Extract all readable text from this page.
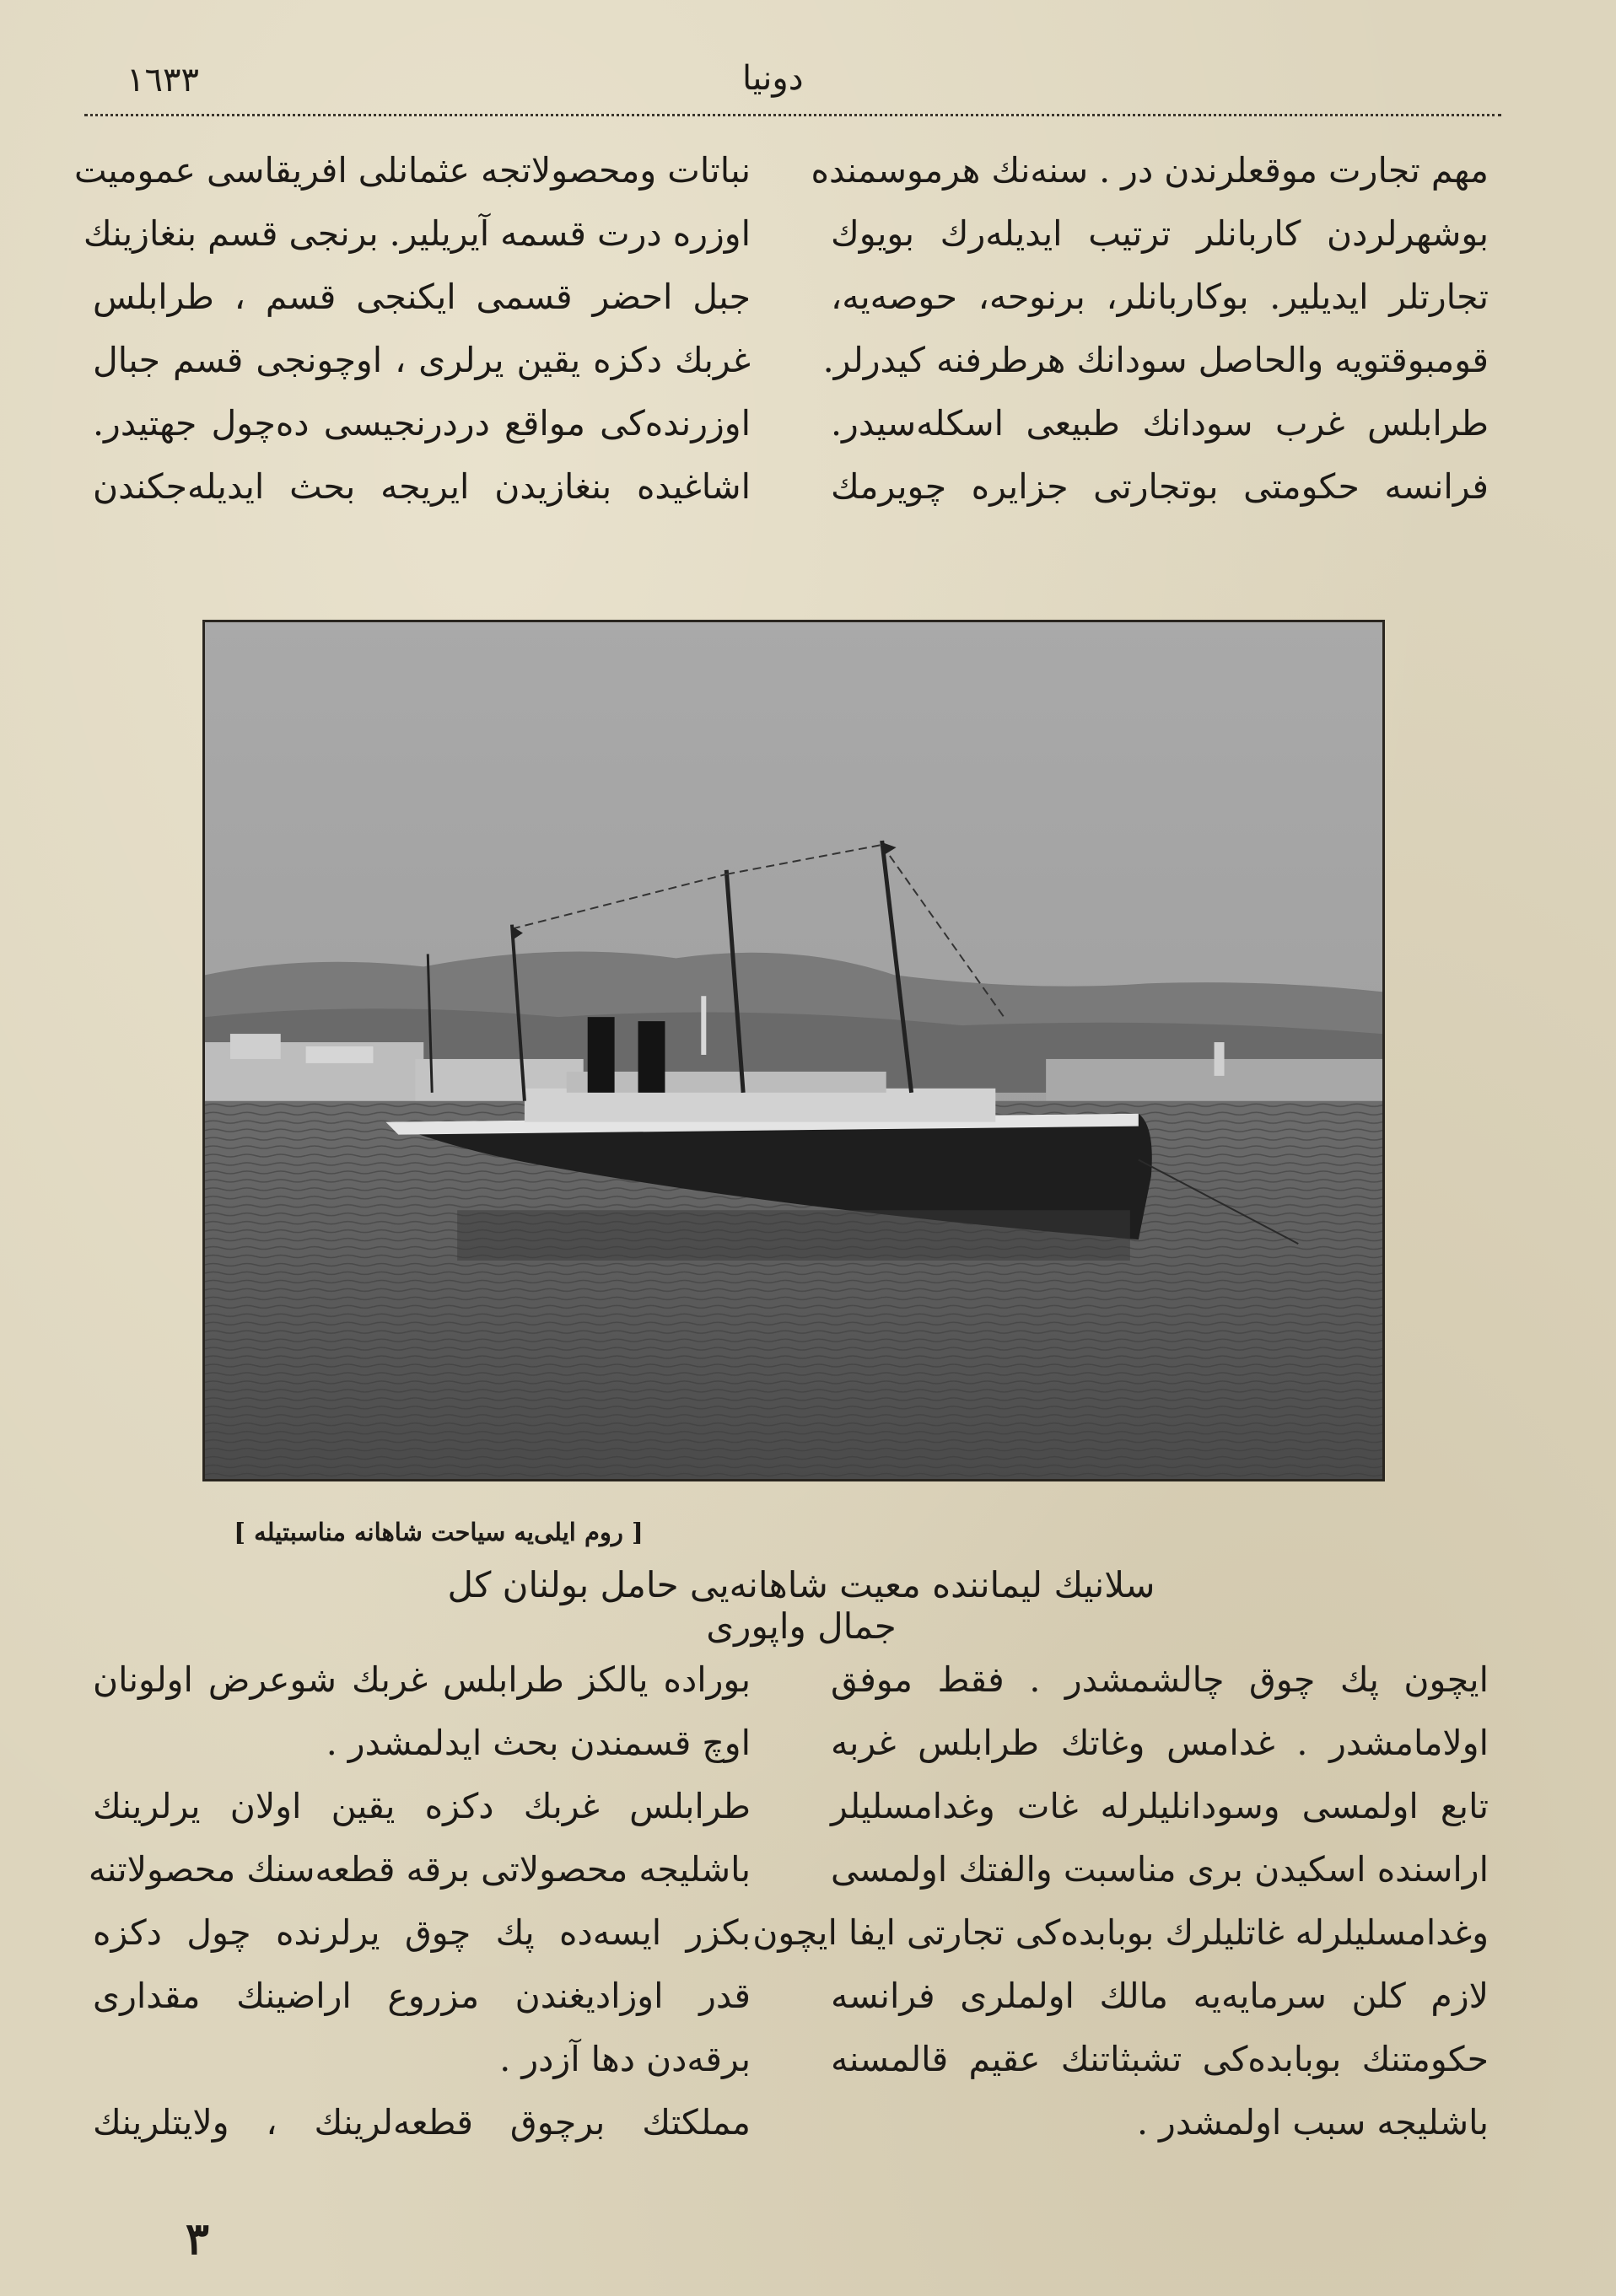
١٦٣٣	دونیا
مهم تجارت موقعلرندن در . سنه‌نك هرموسمنده
بوشهرلردن کاربانلر ترتیب ایدیله‌رك بویوك
تجارتلر ایدیلیر. بوکاربانلر، برنوحه، حوصه‌یه،
قومبوقتویه والحاصل سودانك هرطرفنه کیدرلر.
طرابلس غرب سودانك طبیعی اسکله‌سیدر.
فرانسه حکومتی بوتجارتی جزایره چویرمك
نباتات ومحصولاتجه عثمانلی افریقاسی عمومیت
اوزره درت قسمه آیریلیر. برنجی قسم بنغازینك
جبل احضر قسمی ایکنجی قسم ، طرابلس
غربك دکزه یقین یرلری ، اوچونجی قسم جبال
اوزرنده‌کی مواقع دردرنجیسی ده‌چول جهتیدر.
اشاغیده بنغازیدن ایریجه بحث ایدیله‌جکندن
[ روم ایلی‌یه سیاحت شاهانه مناسبتیله ]
سلانیك لیماننده معیت شاهانه‌یی حامل بولنان کل جمال واپوری
ایچون پك چوق چالشمشدر . فقط موفق
اولامامشدر . غدامس وغاتك طرابلس غربه
تابع اولمسی وسودانلیلرله غات وغدامسلیلر
اراسنده اسکیدن بری مناسبت والفتك اولمسی
وغدامسلیلرله غاتلیلرك بوبابده‌کی تجارتی ایفا ایچون
لازم کلن سرمایه‌یه مالك اولملری فرانسه
حکومتنك بوبابده‌کی تشبثاتنك عقیم قالمسنه
باشلیجه سبب اولمشدر .
بوراده یالکز طرابلس غربك شوعرض اولونان
اوچ قسمندن بحث ایدلمشدر .
طرابلس غربك دکزه یقین اولان یرلرینك
باشلیجه محصولاتی برقه قطعه‌سنك محصولاتنه
بکزر ایسه‌ده پك چوق یرلرنده چول دکزه
قدر اوزادیغندن مزروع اراضینك مقداری
برقه‌دن دها آزدر .
مملکتك برچوق قطعه‌لرینك ، ولایتلرینك
٣
